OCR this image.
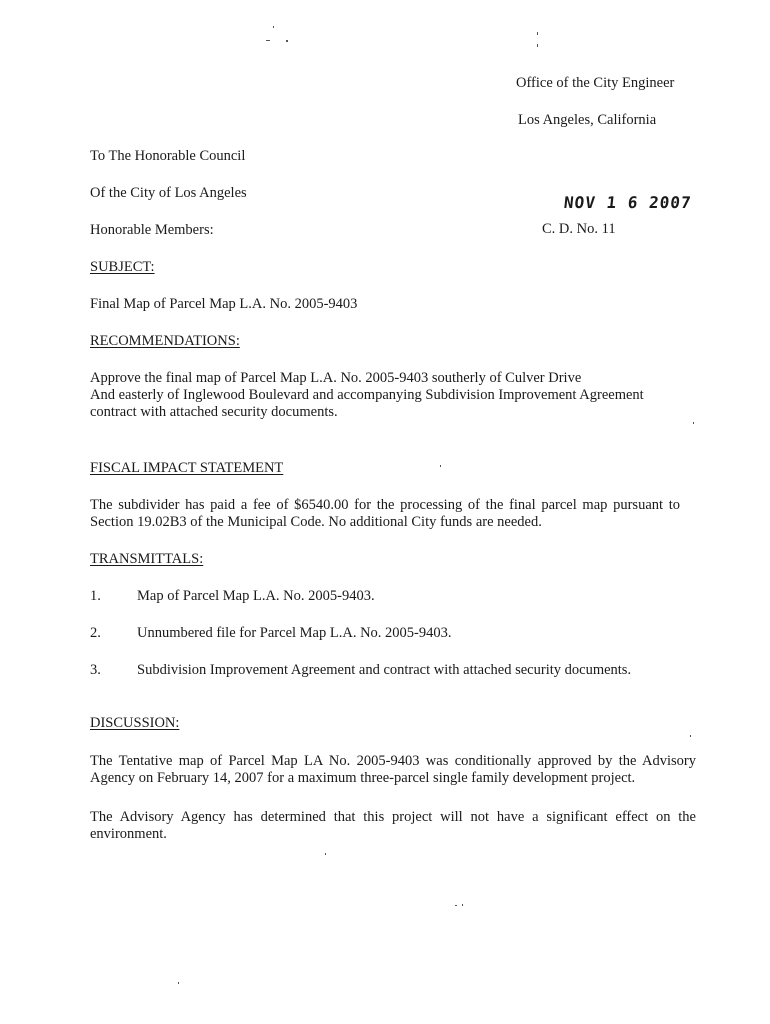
Office of the City Engineer
Los Angeles, California
NOV 1 6 2007
C. D. No. 11
To The Honorable Council
Of the City of Los Angeles
Honorable Members:
SUBJECT:
Final Map of Parcel Map L.A. No. 2005-9403
RECOMMENDATIONS:
Approve the final map of Parcel Map L.A. No. 2005-9403 southerly of Culver Drive
And easterly of Inglewood Boulevard and accompanying Subdivision Improvement Agreement
contract with attached security documents.
FISCAL IMPACT STATEMENT
The subdivider has paid a fee of $6540.00 for the processing of the final parcel map pursuant to Section 19.02B3 of the Municipal Code. No additional City funds are needed.
TRANSMITTALS:
1. Map of Parcel Map L.A. No. 2005-9403.
2. Unnumbered file for Parcel Map L.A. No. 2005-9403.
3. Subdivision Improvement Agreement and contract with attached security documents.
DISCUSSION:
The Tentative map of Parcel Map LA No. 2005-9403 was conditionally approved by the Advisory Agency on February 14, 2007 for a maximum three-parcel single family development project.
The Advisory Agency has determined that this project will not have a significant effect on the environment.
